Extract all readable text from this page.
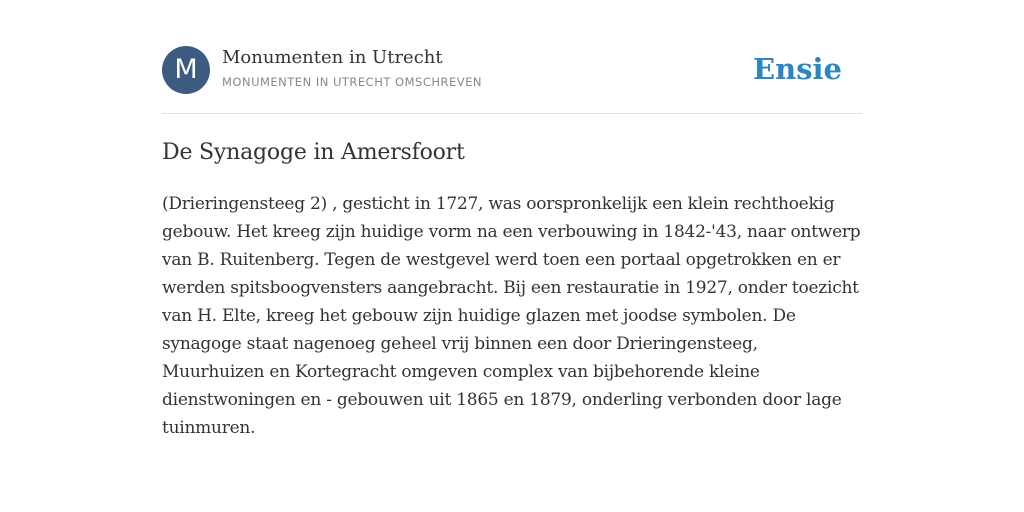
M	Monumenten in Utrecht
MONUMENTEN IN UTRECHT OMSCHREVEN	Ensie
De Synagoge in Amersfoort

(Drieringensteeg 2) , gesticht in 1727, was oorspronkelijk een klein rechthoekig gebouw. Het kreeg zijn huidige vorm na een verbouwing in 1842-'43, naar ontwerp van B. Ruitenberg. Tegen de westgevel werd toen een portaal opgetrokken en er werden spitsboogvensters aangebracht. Bij een restauratie in 1927, onder toezicht van H. Elte, kreeg het gebouw zijn huidige glazen met joodse symbolen. De synagoge staat nagenoeg geheel vrij binnen een door Drieringensteeg, Muurhuizen en Kortegracht omgeven complex van bijbehorende kleine dienstwoningen en - gebouwen uit 1865 en 1879, onderling verbonden door lage tuinmuren.
